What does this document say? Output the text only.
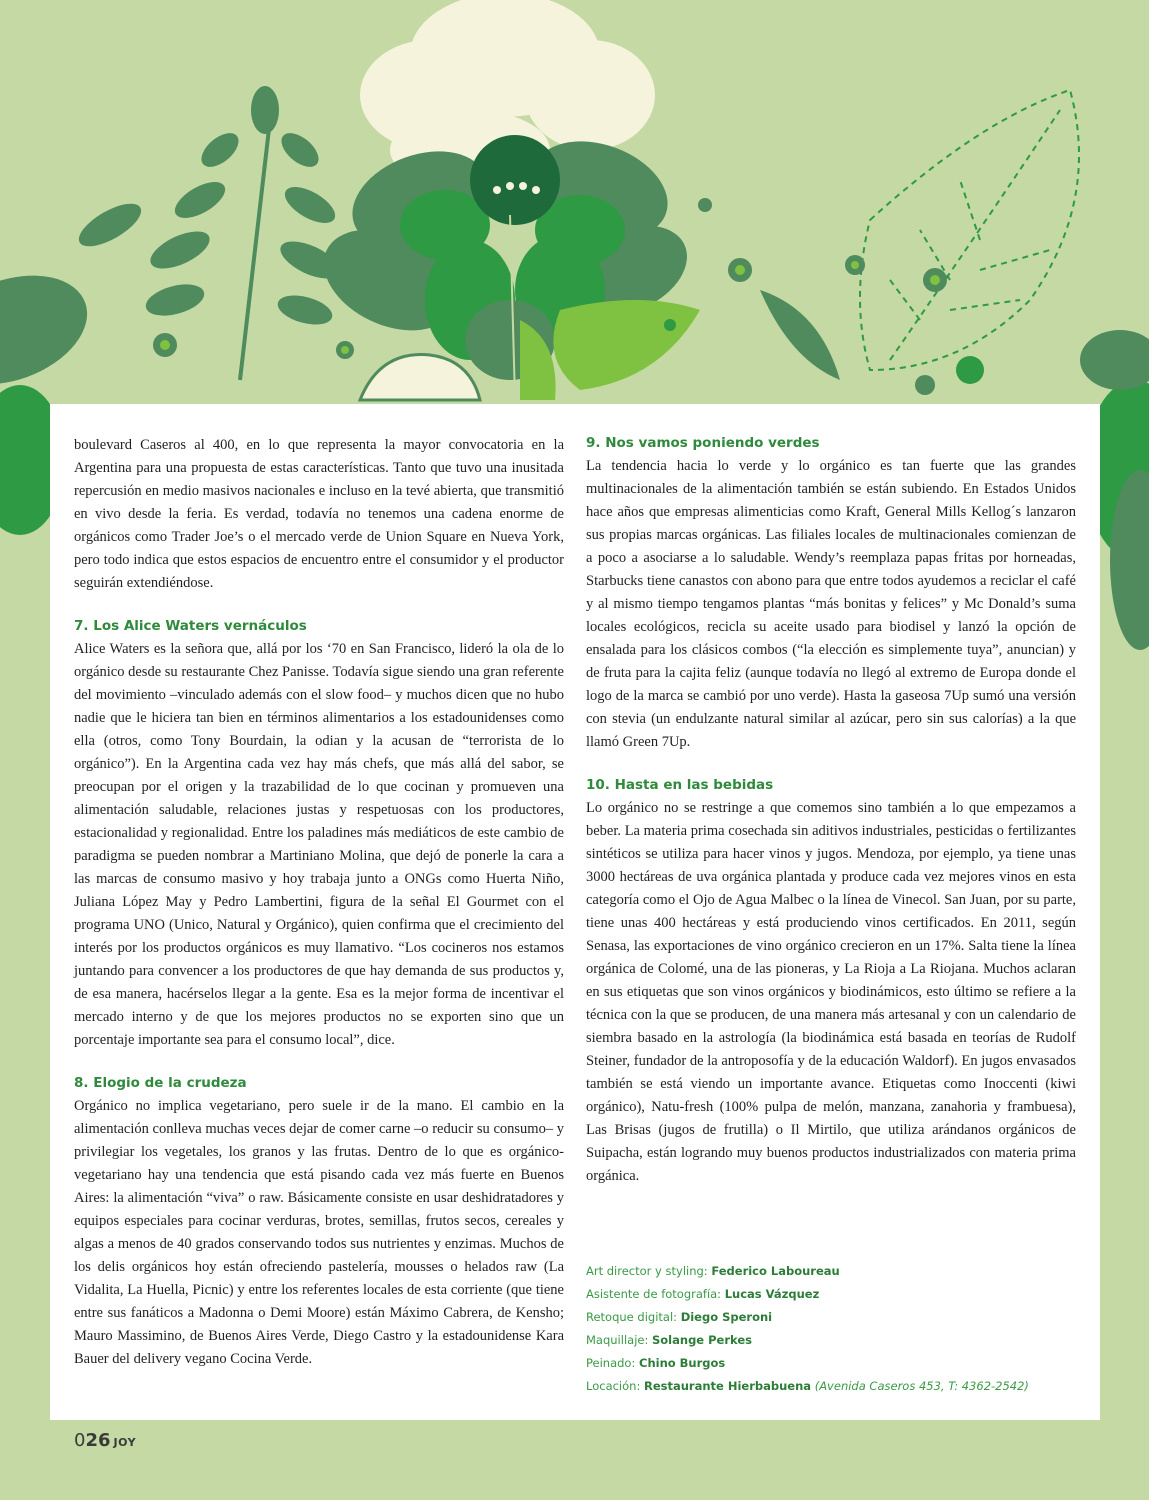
boulevard Caseros al 400, en lo que representa la mayor convocatoria en la Argentina para una propuesta de estas características. Tanto que tuvo una inusitada repercusión en medio masivos nacionales e incluso en la tevé abierta, que transmitió en vivo desde la feria. Es verdad, todavía no tenemos una cadena enorme de orgánicos como Trader Joe’s o el mercado verde de Union Square en Nueva York, pero todo indica que estos espacios de encuentro entre el consumidor y el productor seguirán extendiéndose.

7. Los Alice Waters vernáculos

Alice Waters es la señora que, allá por los ‘70 en San Francisco, lideró la ola de lo orgánico desde su restaurante Chez Panisse. Todavía sigue siendo una gran referente del movimiento –vinculado además con el slow food– y muchos dicen que no hubo nadie que le hiciera tan bien en términos alimentarios a los estadounidenses como ella (otros, como Tony Bourdain, la odian y la acusan de “terrorista de lo orgánico”). En la Argentina cada vez hay más chefs, que más allá del sabor, se preocupan por el origen y la trazabilidad de lo que cocinan y promueven una alimentación saludable, relaciones justas y respetuosas con los productores, estacionalidad y regionalidad. Entre los paladines más mediáticos de este cambio de paradigma se pueden nombrar a Martiniano Molina, que dejó de ponerle la cara a las marcas de consumo masivo y hoy trabaja junto a ONGs como Huerta Niño, Juliana López May y Pedro Lambertini, figura de la señal El Gourmet con el programa UNO (Unico, Natural y Orgánico), quien confirma que el crecimiento del interés por los productos orgánicos es muy llamativo. “Los cocineros nos estamos juntando para convencer a los productores de que hay demanda de sus productos y, de esa manera, hacérselos llegar a la gente. Esa es la mejor forma de incentivar el mercado interno y de que los mejores productos no se exporten sino que un porcentaje importante sea para el consumo local”, dice.

8. Elogio de la crudeza

Orgánico no implica vegetariano, pero suele ir de la mano. El cambio en la alimentación conlleva muchas veces dejar de comer carne –o reducir su consumo– y privilegiar los vegetales, los granos y las frutas. Dentro de lo que es orgánico-vegetariano hay una tendencia que está pisando cada vez más fuerte en Buenos Aires: la alimentación “viva” o raw. Básicamente consiste en usar deshidratadores y equipos especiales para cocinar verduras, brotes, semillas, frutos secos, cereales y algas a menos de 40 grados conservando todos sus nutrientes y enzimas. Muchos de los delis orgánicos hoy están ofreciendo pastelería, mousses o helados raw (La Vidalita, La Huella, Picnic) y entre los referentes locales de esta corriente (que tiene entre sus fanáticos a Madonna o Demi Moore) están Máximo Cabrera, de Kensho; Mauro Massimino, de Buenos Aires Verde, Diego Castro y la estadounidense Kara Bauer del delivery vegano Cocina Verde.

9. Nos vamos poniendo verdes

La tendencia hacia lo verde y lo orgánico es tan fuerte que las grandes multinacionales de la alimentación también se están subiendo. En Estados Unidos hace años que empresas alimenticias como Kraft, General Mills Kellog´s lanzaron sus propias marcas orgánicas. Las filiales locales de multinacionales comienzan de a poco a asociarse a lo saludable. Wendy’s reemplaza papas fritas por horneadas, Starbucks tiene canastos con abono para que entre todos ayudemos a reciclar el café y al mismo tiempo tengamos plantas “más bonitas y felices” y Mc Donald’s suma locales ecológicos, recicla su aceite usado para biodisel y lanzó la opción de ensalada para los clásicos combos (“la elección es simplemente tuya”, anuncian) y de fruta para la cajita feliz (aunque todavía no llegó al extremo de Europa donde el logo de la marca se cambió por uno verde). Hasta la gaseosa 7Up sumó una versión con stevia (un endulzante natural similar al azúcar, pero sin sus calorías) a la que llamó Green 7Up.

10. Hasta en las bebidas

Lo orgánico no se restringe a que comemos sino también a lo que empezamos a beber. La materia prima cosechada sin aditivos industriales, pesticidas o fertilizantes sintéticos se utiliza para hacer vinos y jugos. Mendoza, por ejemplo, ya tiene unas 3000 hectáreas de uva orgánica plantada y produce cada vez mejores vinos en esta categoría como el Ojo de Agua Malbec o la línea de Vinecol. San Juan, por su parte, tiene unas 400 hectáreas y está produciendo vinos certificados. En 2011, según Senasa, las exportaciones de vino orgánico crecieron en un 17%. Salta tiene la línea orgánica de Colomé, una de las pioneras, y La Rioja a La Riojana. Muchos aclaran en sus etiquetas que son vinos orgánicos y biodinámicos, esto último se refiere a la técnica con la que se producen, de una manera más artesanal y con un calendario de siembra basado en la astrología (la biodinámica está basada en teorías de Rudolf Steiner, fundador de la antroposofía y de la educación Waldorf). En jugos envasados también se está viendo un importante avance. Etiquetas como Inoccenti (kiwi orgánico), Natu-fresh (100% pulpa de melón, manzana, zanahoria y frambuesa), Las Brisas (jugos de frutilla) o Il Mirtilo, que utiliza arándanos orgánicos de Suipacha, están logrando muy buenos productos industrializados con materia prima orgánica.

Art director y styling: Federico Laboureau
Asistente de fotografía: Lucas Vázquez
Retoque digital: Diego Speroni
Maquillaje: Solange Perkes
Peinado: Chino Burgos
Locación: Restaurante Hierbabuena (Avenida Caseros 453, T: 4362-2542)
026 JOY
